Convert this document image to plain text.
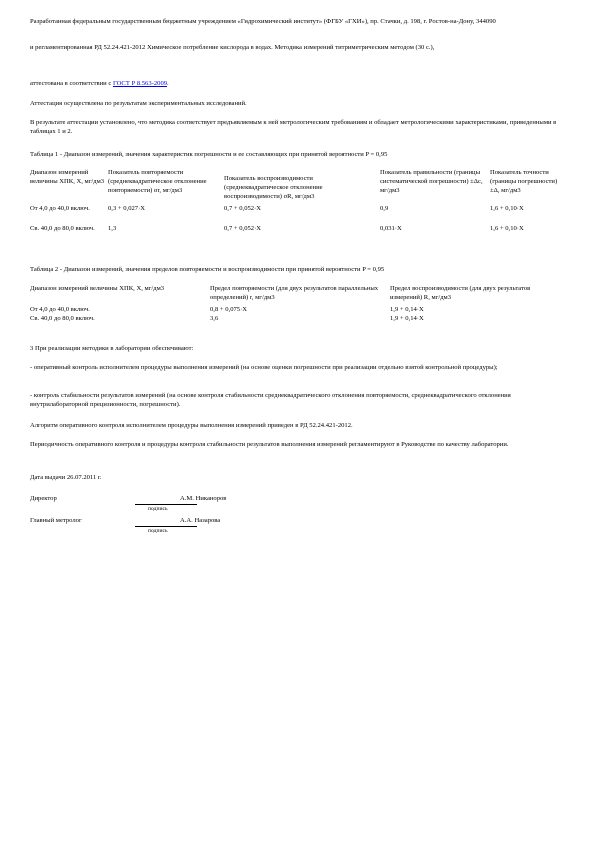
Разработанная федеральным государственным бюджетным учреждением «Гидрохимический институт» (ФГБУ «ГХИ»), пр. Стачки, д. 198, г. Ростов-на-Дону, 344090

и регламентированная РД 52.24.421-2012 Химическое потребление кислорода в водах. Методика измерений титриметрическим методом (30 с.),

аттестована в соответствии с ГОСТ Р 8.563-2009.

Аттестация осуществлена по результатам экспериментальных исследований.

В результате аттестации установлено, что методика соответствует предъявляемым к ней метрологическим требованиям и обладает метрологическими характеристиками, приведенными в таблицах 1 и 2.

Таблица 1 - Диапазон измерений, значения характеристик погрешности и ее составляющих при принятой вероятности P = 0,95

Диапазон измерений величины ХПК, X, мг/дм3	Показатель повторяемости (среднеквадратическое отклонение повторяемости) σr, мг/дм3	Показатель воспроизводимости (среднеквадратическое отклонение воспроизводимости) σR, мг/дм3	Показатель правильности (границы систематической погрешности) ±Δc, мг/дм3	Показатель точности (границы погрешности) ±Δ, мг/дм3
От 4,0 до 40,0 включ.	0,3 + 0,027·X	0,7 + 0,052·X	0,9	1,6 + 0,10·X
Св. 40,0 до 80,0 включ.	1,3	0,7 + 0,052·X	0,031·X	1,6 + 0,10·X

Таблица 2 - Диапазон измерений, значения пределов повторяемости и воспроизводимости при принятой вероятности P = 0,95

Диапазон измерений величины ХПК, X, мг/дм3	Предел повторяемости (для двух результатов параллельных определений) r, мг/дм3	Предел воспроизводимости (для двух результатов измерений) R, мг/дм3
От 4,0 до 40,0 включ.	0,8 + 0,075·X	1,9 + 0,14·X
Св. 40,0 до 80,0 включ.	3,6	1,9 + 0,14·X

3 При реализации методики в лаборатории обеспечивают:

- оперативный контроль исполнителем процедуры выполнения измерений (на основе оценки погрешности при реализации отдельно взятой контрольной процедуры);

- контроль стабильности результатов измерений (на основе контроля стабильности среднеквадратического отклонения повторяемости, среднеквадратического отклонения внутрилабораторной прецизионности, погрешности).

Алгоритм оперативного контроля исполнителем процедуры выполнения измерений приведен в РД 52.24.421-2012.

Периодичность оперативного контроля и процедуры контроля стабильности результатов выполнения измерений регламентируют в Руководстве по качеству лаборатории.

Дата выдачи 26.07.2011 г.

Директор
подпись
А.М. Никаноров
Главный метролог
подпись
А.А. Назарова
